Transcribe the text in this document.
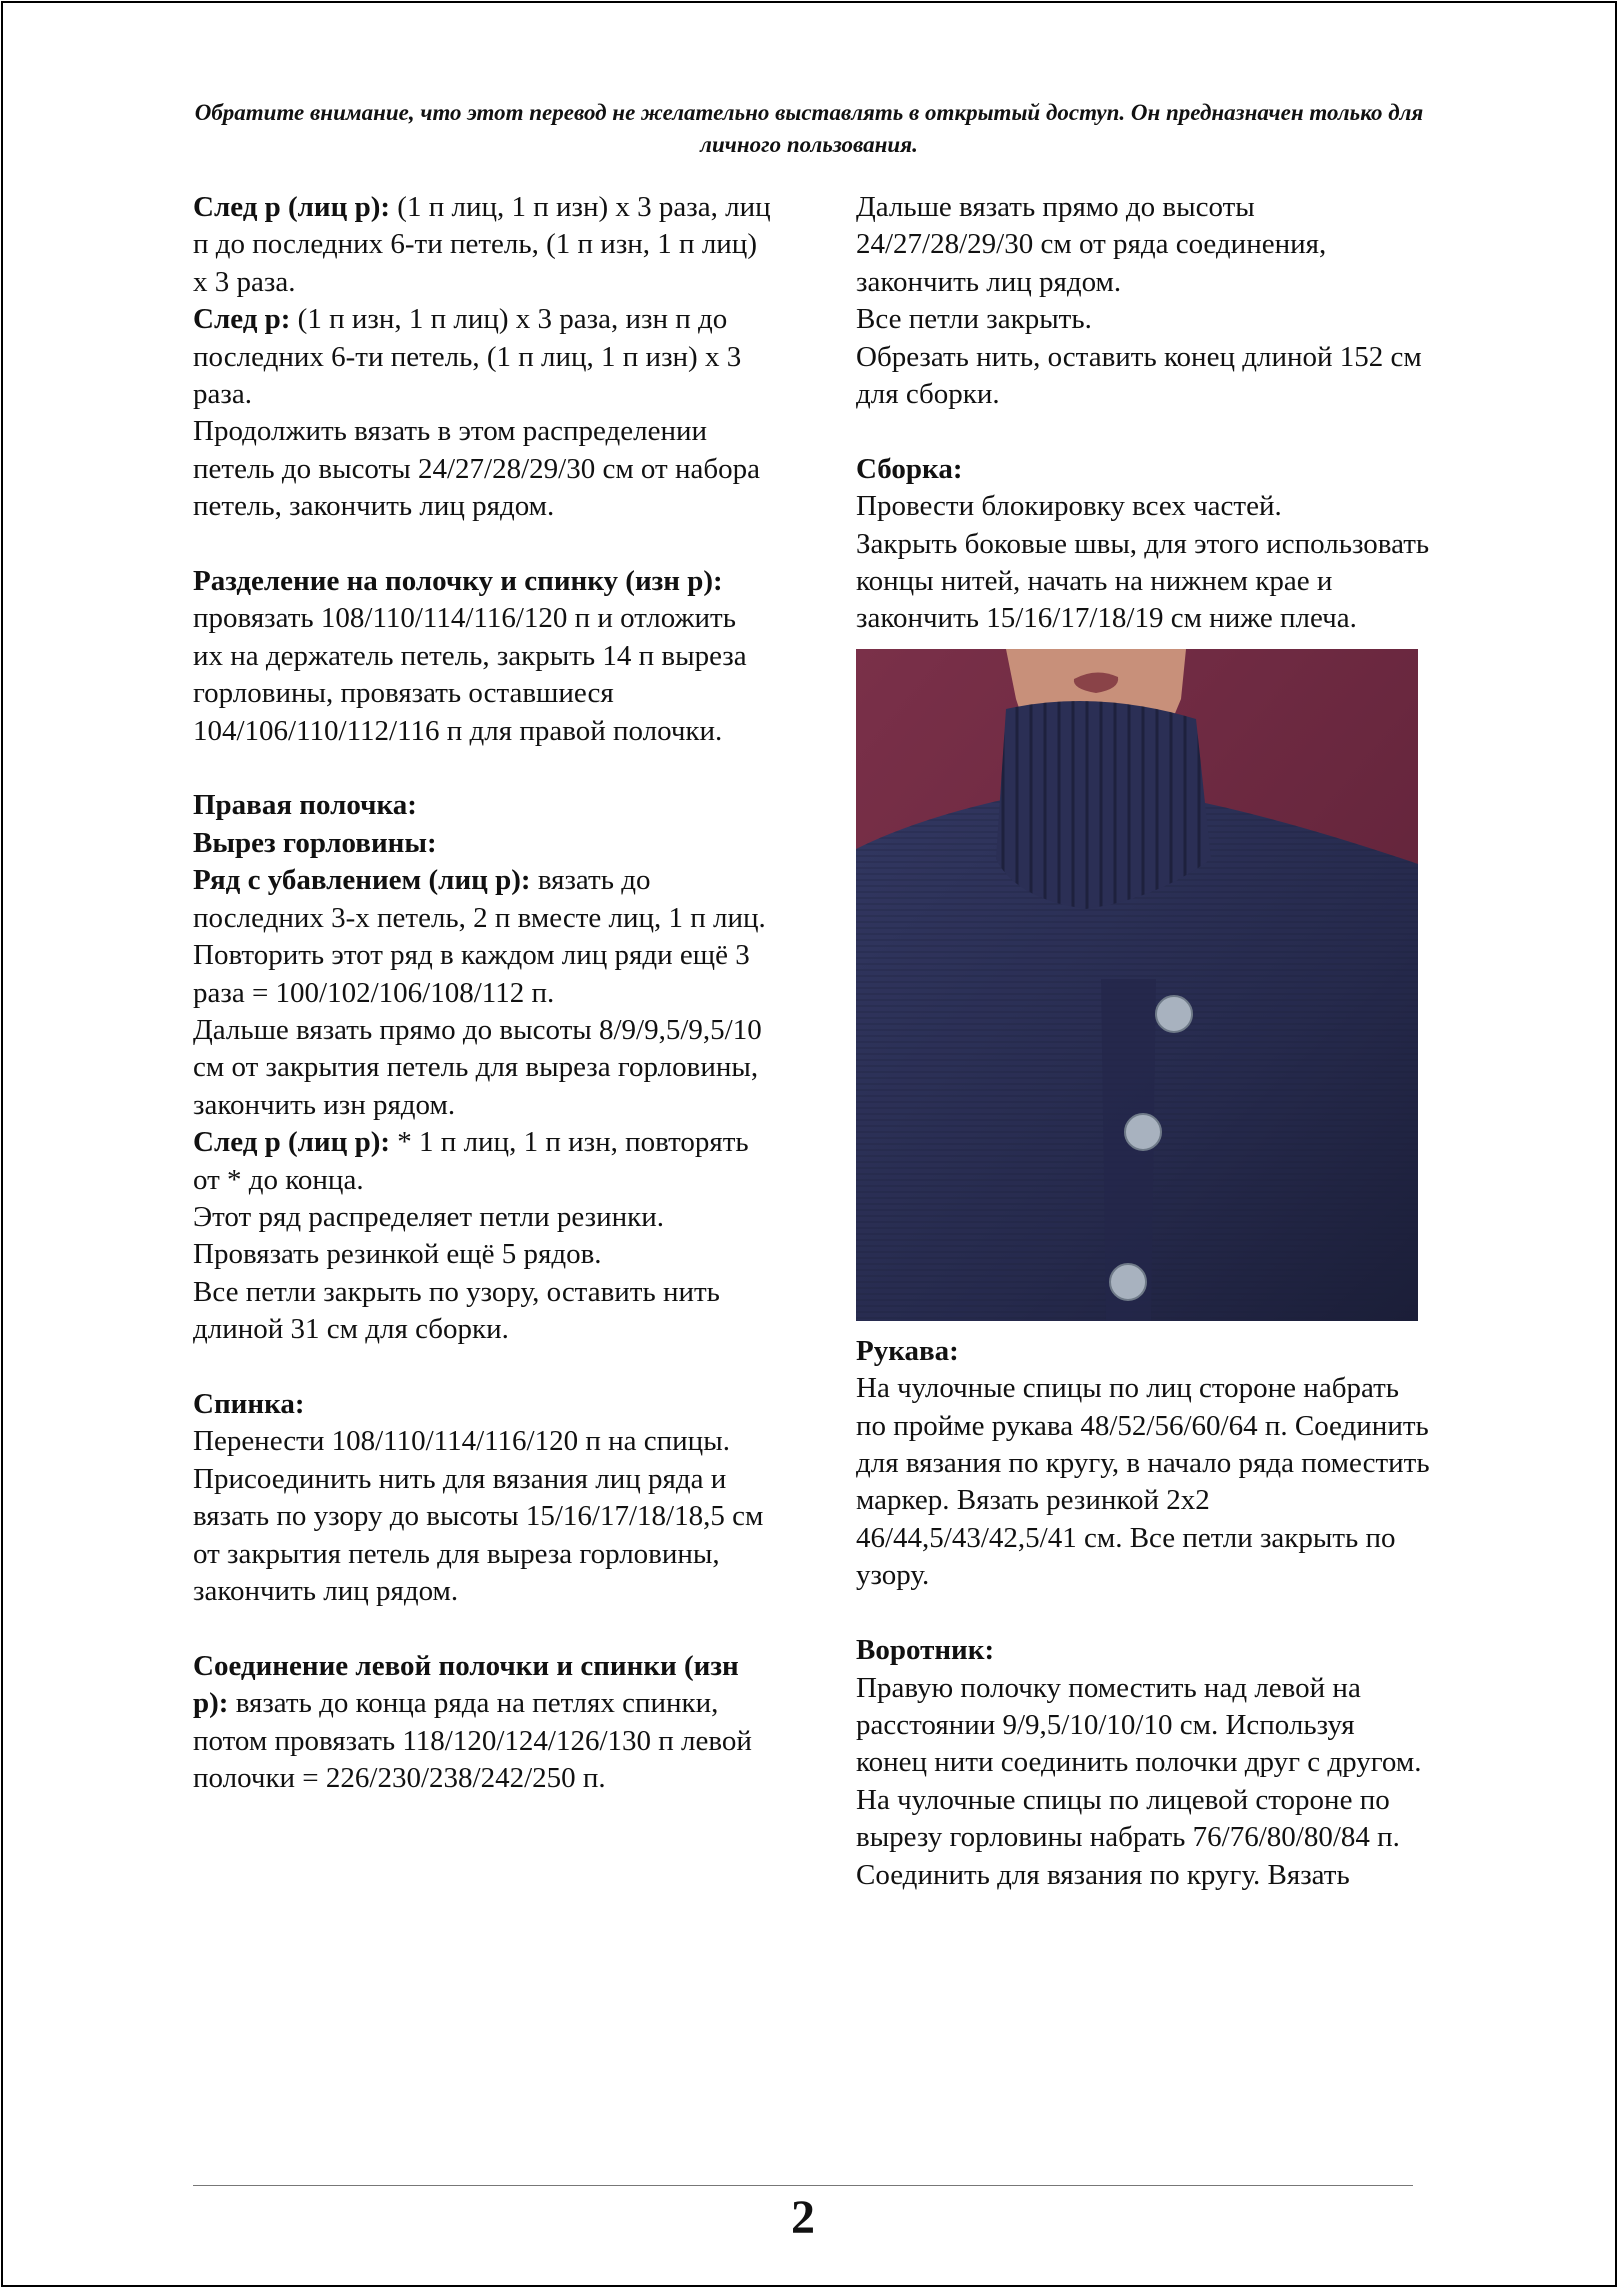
Обратите внимание, что этот перевод не желательно выставлять в открытый доступ. Он предназначен только для личного пользования.

След р (лиц р): (1 п лиц, 1 п изн) х 3 раза, лиц п до последних 6-ти петель, (1 п изн, 1 п лиц) х 3 раза.

След р: (1 п изн, 1 п лиц) х 3 раза, изн п до последних 6-ти петель, (1 п лиц, 1 п изн) х 3 раза.

Продолжить вязать в этом распределении петель до высоты 24/27/28/29/30 см от набора петель, закончить лиц рядом.

Разделение на полочку и спинку (изн р): провязать 108/110/114/116/120 п и отложить их на держатель петель, закрыть 14 п выреза горловины, провязать оставшиеся 104/106/110/112/116 п для правой полочки.

Правая полочка:

Вырез горловины:

Ряд с убавлением (лиц р): вязать до последних 3-х петель, 2 п вместе лиц, 1 п лиц.

Повторить этот ряд в каждом лиц ряди ещё 3 раза = 100/102/106/108/112 п.

Дальше вязать прямо до высоты 8/9/9,5/9,5/10 см от закрытия петель для выреза горловины, закончить изн рядом.

След р (лиц р): * 1 п лиц, 1 п изн, повторять от * до конца.

Этот ряд распределяет петли резинки.

Провязать резинкой ещё 5 рядов.

Все петли закрыть по узору, оставить нить длиной 31 см для сборки.

Спинка:

Перенести 108/110/114/116/120 п на спицы. Присоединить нить для вязания лиц ряда и вязать по узору до высоты 15/16/17/18/18,5 см от закрытия петель для выреза горловины, закончить лиц рядом.

Соединение левой полочки и спинки (изн р): вязать до конца ряда на петлях спинки, потом провязать 118/120/124/126/130 п левой полочки = 226/230/238/242/250 п.

Дальше вязать прямо до высоты 24/27/28/29/30 см от ряда соединения, закончить лиц рядом.

Все петли закрыть.

Обрезать нить, оставить конец длиной 152 см для сборки.

Сборка:

Провести блокировку всех частей.

Закрыть боковые швы, для этого использовать концы нитей, начать на нижнем крае и закончить 15/16/17/18/19 см ниже плеча.

Рукава:

На чулочные спицы по лиц стороне набрать по пройме рукава 48/52/56/60/64 п. Соединить для вязания по кругу, в начало ряда поместить маркер. Вязать резинкой 2х2 46/44,5/43/42,5/41 см. Все петли закрыть по узору.

Воротник:

Правую полочку поместить над левой на расстоянии 9/9,5/10/10/10 см. Используя конец нити соединить полочки друг с другом. На чулочные спицы по лицевой стороне по вырезу горловины набрать 76/76/80/80/84 п. Соединить для вязания по кругу. Вязать

2
